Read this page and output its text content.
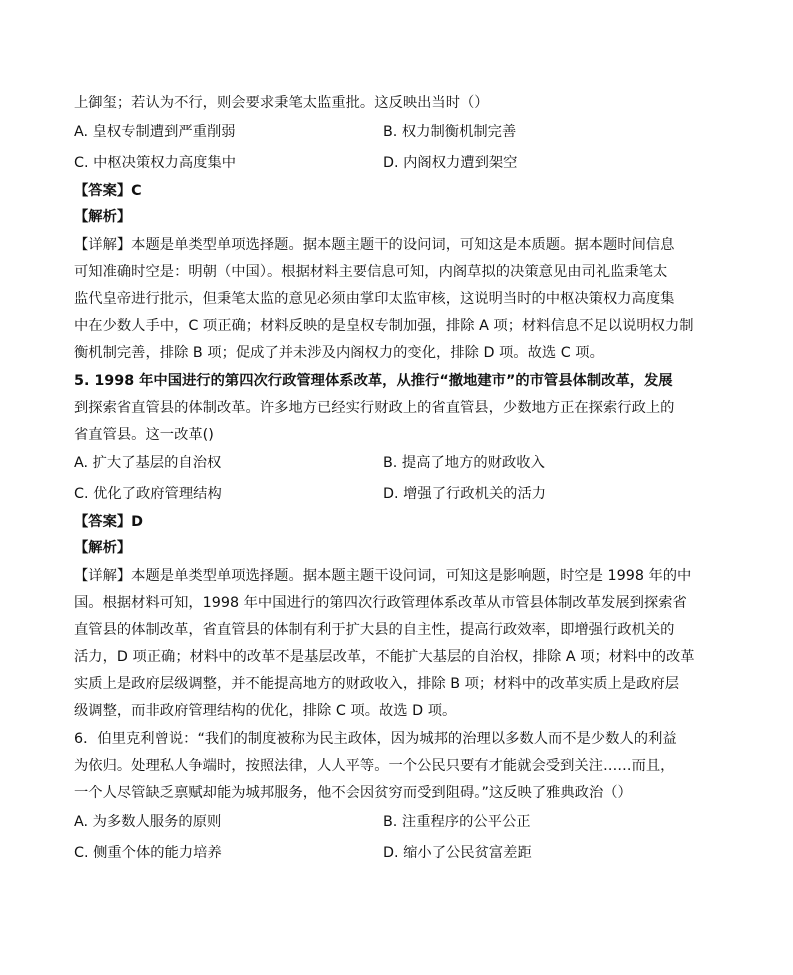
上御玺；若认为不行，则会要求秉笔太监重批。这反映出当时（）
A. 皇权专制遭到严重削弱	B. 权力制衡机制完善
C. 中枢决策权力高度集中	D. 内阁权力遭到架空
【答案】C
【解析】
【详解】本题是单类型单项选择题。据本题主题干的设问词，可知这是本质题。据本题时间信息
可知准确时空是：明朝（中国）。根据材料主要信息可知，内阁草拟的决策意见由司礼监秉笔太
监代皇帝进行批示，但秉笔太监的意见必须由掌印太监审核，这说明当时的中枢决策权力高度集
中在少数人手中，C 项正确；材料反映的是皇权专制加强，排除 A 项；材料信息不足以说明权力制
衡机制完善，排除 B 项；促成了并未涉及内阁权力的变化，排除 D 项。故选 C 项。
5. 1998 年中国进行的第四次行政管理体系改革，从推行“撤地建市”的市管县体制改革，发展
到探索省直管县的体制改革。许多地方已经实行财政上的省直管县，少数地方正在探索行政上的
省直管县。这一改革()
A. 扩大了基层的自治权	B. 提高了地方的财政收入
C. 优化了政府管理结构	D. 增强了行政机关的活力
【答案】D
【解析】
【详解】本题是单类型单项选择题。据本题主题干设问词，可知这是影响题，时空是 1998 年的中
国。根据材料可知，1998 年中国进行的第四次行政管理体系改革从市管县体制改革发展到探索省
直管县的体制改革，省直管县的体制有利于扩大县的自主性，提高行政效率，即增强行政机关的
活力，D 项正确；材料中的改革不是基层改革，不能扩大基层的自治权，排除 A 项；材料中的改革
实质上是政府层级调整，并不能提高地方的财政收入，排除 B 项；材料中的改革实质上是政府层
级调整，而非政府管理结构的优化，排除 C 项。故选 D 项。
6．伯里克利曾说：“我们的制度被称为民主政体，因为城邦的治理以多数人而不是少数人的利益
为依归。处理私人争端时，按照法律，人人平等。一个公民只要有才能就会受到关注……而且，
一个人尽管缺乏禀赋却能为城邦服务，他不会因贫穷而受到阻碍。”这反映了雅典政治（）
A. 为多数人服务的原则	B. 注重程序的公平公正
C. 侧重个体的能力培养	D. 缩小了公民贫富差距
